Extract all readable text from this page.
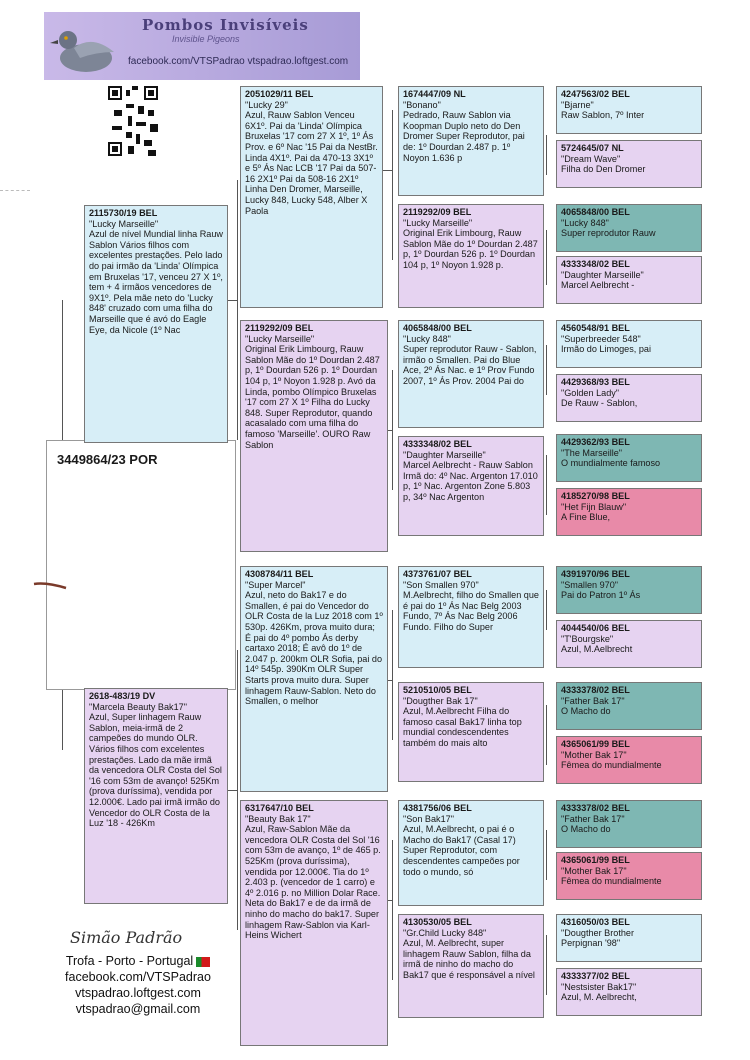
Pombos Invisíveis
Invisible Pigeons
facebook.com/VTSPadrao vtspadrao.loftgest.com
3449864/23 POR
2115730/19 BEL
"Lucky Marseille"
Azul de nível Mundial linha Rauw Sablon Vários filhos com excelentes prestações. Pelo lado do pai irmão da 'Linda' Olímpica em Bruxelas '17, venceu 27 X 1º, tem + 4 irmãos vencedores de 9X1º. Pela mãe neto do 'Lucky 848' cruzado com uma filha do Marseille que é avó do Eagle Eye, da Nicole (1º Nac
2618-483/19 DV
"Marcela Beauty Bak17"
Azul, Super linhagem Rauw Sablon, meia-irmã de 2 campeões do mundo OLR. Vários filhos com excelentes prestações. Lado da mãe irmã da vencedora OLR Costa del Sol '16 com 53m de avanço! 525Km (prova duríssima), vendida por 12.000€. Lado pai irmã irmão do Vencedor do OLR Costa de la Luz '18 - 426Km
2051029/11 BEL
"Lucky 29"
Azul, Rauw Sablon Venceu 6X1º. Pai da 'Linda' Olímpica Bruxelas '17 com 27 X 1º, 1º Ás Prov. e 6º Nac '15 Pai da NestBr. Linda 4X1º. Pai da 470-13 3X1º e 5º Ás Nac LCB '17 Pai da 507-16 2X1º Pai da 508-16 2X1º Linha Den Dromer, Marseille, Lucky 848, Lucky 548, Alber X Paola
2119292/09 BEL
"Lucky Marseille"
Original Erik Limbourg, Rauw Sablon Mãe do 1º Dourdan 2.487 p, 1º Dourdan 526 p. 1º Dourdan 104 p, 1º Noyon 1.928 p. Avó da Linda, pombo Olímpico Bruxelas '17 com 27 X 1º Filha do Lucky 848. Super Reprodutor, quando acasalado com uma filha do famoso 'Marseille'. OURO Raw Sablon
4308784/11 BEL
"Super Marcel"
Azul, neto do Bak17 e do Smallen, é pai do Vencedor do OLR Costa de la Luz 2018 com 1º 530p. 426Km, prova muito dura; É pai do 4º pombo Ás derby cartaxo 2018; É avô do 1º de 2.047 p. 200km OLR Sofia, pai do 14º 545p. 390Km OLR Super Starts prova muito dura. Super linhagem Rauw-Sablon. Neto do Smallen, o melhor
6317647/10 BEL
"Beauty Bak 17"
Azul, Raw-Sablon Mãe da vencedora OLR Costa del Sol '16 com 53m de avanço, 1º de 465 p. 525Km (prova duríssima), vendida por 12.000€. Tia do 1º 2.403 p. (vencedor de 1 carro) e 4º 2.016 p. no Million Dolar Race. Neta do Bak17 e de da irmã de ninho do macho do bak17. Super linhagem Raw-Sablon via Karl-Heins Wichert
1674447/09 NL
"Bonano"
Pedrado, Rauw Sablon via Koopman Duplo neto do Den Dromer Super Reprodutor, pai de: 1º Dourdan 2.487 p. 1º Noyon 1.636 p
2119292/09 BEL
"Lucky Marseille"
Original Erik Limbourg, Rauw Sablon Mãe do 1º Dourdan 2.487 p, 1º Dourdan 526 p. 1º Dourdan 104 p, 1º Noyon 1.928 p.
4065848/00 BEL
"Lucky 848"
Super reprodutor Rauw - Sablon, irmão o Smallen. Pai do Blue Ace, 2º Ás Nac. e 1º Prov Fundo 2007, 1º Ás Prov. 2004 Pai do
4333348/02 BEL
"Daughter Marseille"
Marcel Aelbrecht - Rauw Sablon Irmã do: 4º Nac. Argenton 17.010 p, 1º Nac. Argenton Zone 5.803 p, 34º Nac Argenton
4373761/07 BEL
"Son Smallen 970"
M.Aelbrecht, filho do Smallen que é pai do 1º Ás Nac Belg 2003 Fundo, 7º Ás Nac Belg 2006 Fundo. Filho do Super
5210510/05 BEL
"Dougther Bak 17"
Azul, M.Aelbrecht Filha do famoso casal Bak17 linha top mundial condescendentes também do mais alto
4381756/06 BEL
"Son Bak17"
Azul, M.Aelbrecht, o pai é o Macho do Bak17 (Casal 17) Super Reprodutor, com descendentes campeões por todo o mundo, só
4130530/05 BEL
"Gr.Child Lucky 848"
Azul, M. Aelbrecht, super linhagem Rauw Sablon, filha da irmã de ninho do macho do Bak17 que é responsável a nível
4247563/02 BEL
"Bjarne"
Raw Sablon, 7º Inter
5724645/07 NL
"Dream Wave"
Filha do Den Dromer
4065848/00 BEL
"Lucky 848"
Super reprodutor Rauw
4333348/02 BEL
"Daughter Marseille"
Marcel Aelbrecht -
4560548/91 BEL
"Superbreeder 548"
Irmão do Limoges, pai
4429368/93 BEL
"Golden Lady"
De Rauw - Sablon,
4429362/93 BEL
"The Marseille"
O mundialmente famoso
4185270/98 BEL
"Het Fijn Blauw"
A Fine Blue,
4391970/96 BEL
"Smallen 970"
Pai do Patron 1º Ás
4044540/06 BEL
"T'Bourgske"
Azul, M.Aelbrecht
4333378/02 BEL
"Father Bak 17"
O Macho do
4365061/99 BEL
"Mother Bak 17"
Fêmea do mundialmente
4333378/02 BEL
"Father Bak 17"
O Macho do
4365061/99 BEL
"Mother Bak 17"
Fêmea do mundialmente
4316050/03 BEL
"Dougther Brother
Perpignan '98"
4333377/02 BEL
"Nestsister Bak17"
Azul, M. Aelbrecht,
Simão Padrão
Trofa - Porto - Portugal
facebook.com/VTSPadrao
vtspadrao.loftgest.com
vtspadrao@gmail.com
